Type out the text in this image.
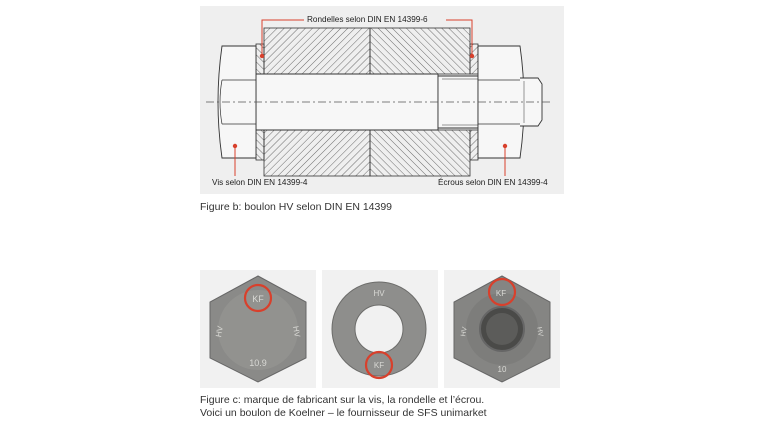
Rondelles selon DIN EN 14399-6
Vis selon DIN EN 14399-4	Écrous selon DIN EN 14399-4
Figure b: boulon HV selon DIN EN 14399
KF
10.9
HV	HV
HV
KF
KF
10
HV	HV
Figure c: marque de fabricant sur la vis, la rondelle et l’écrou.
Voici un boulon de Koelner – le fournisseur de SFS unimarket
